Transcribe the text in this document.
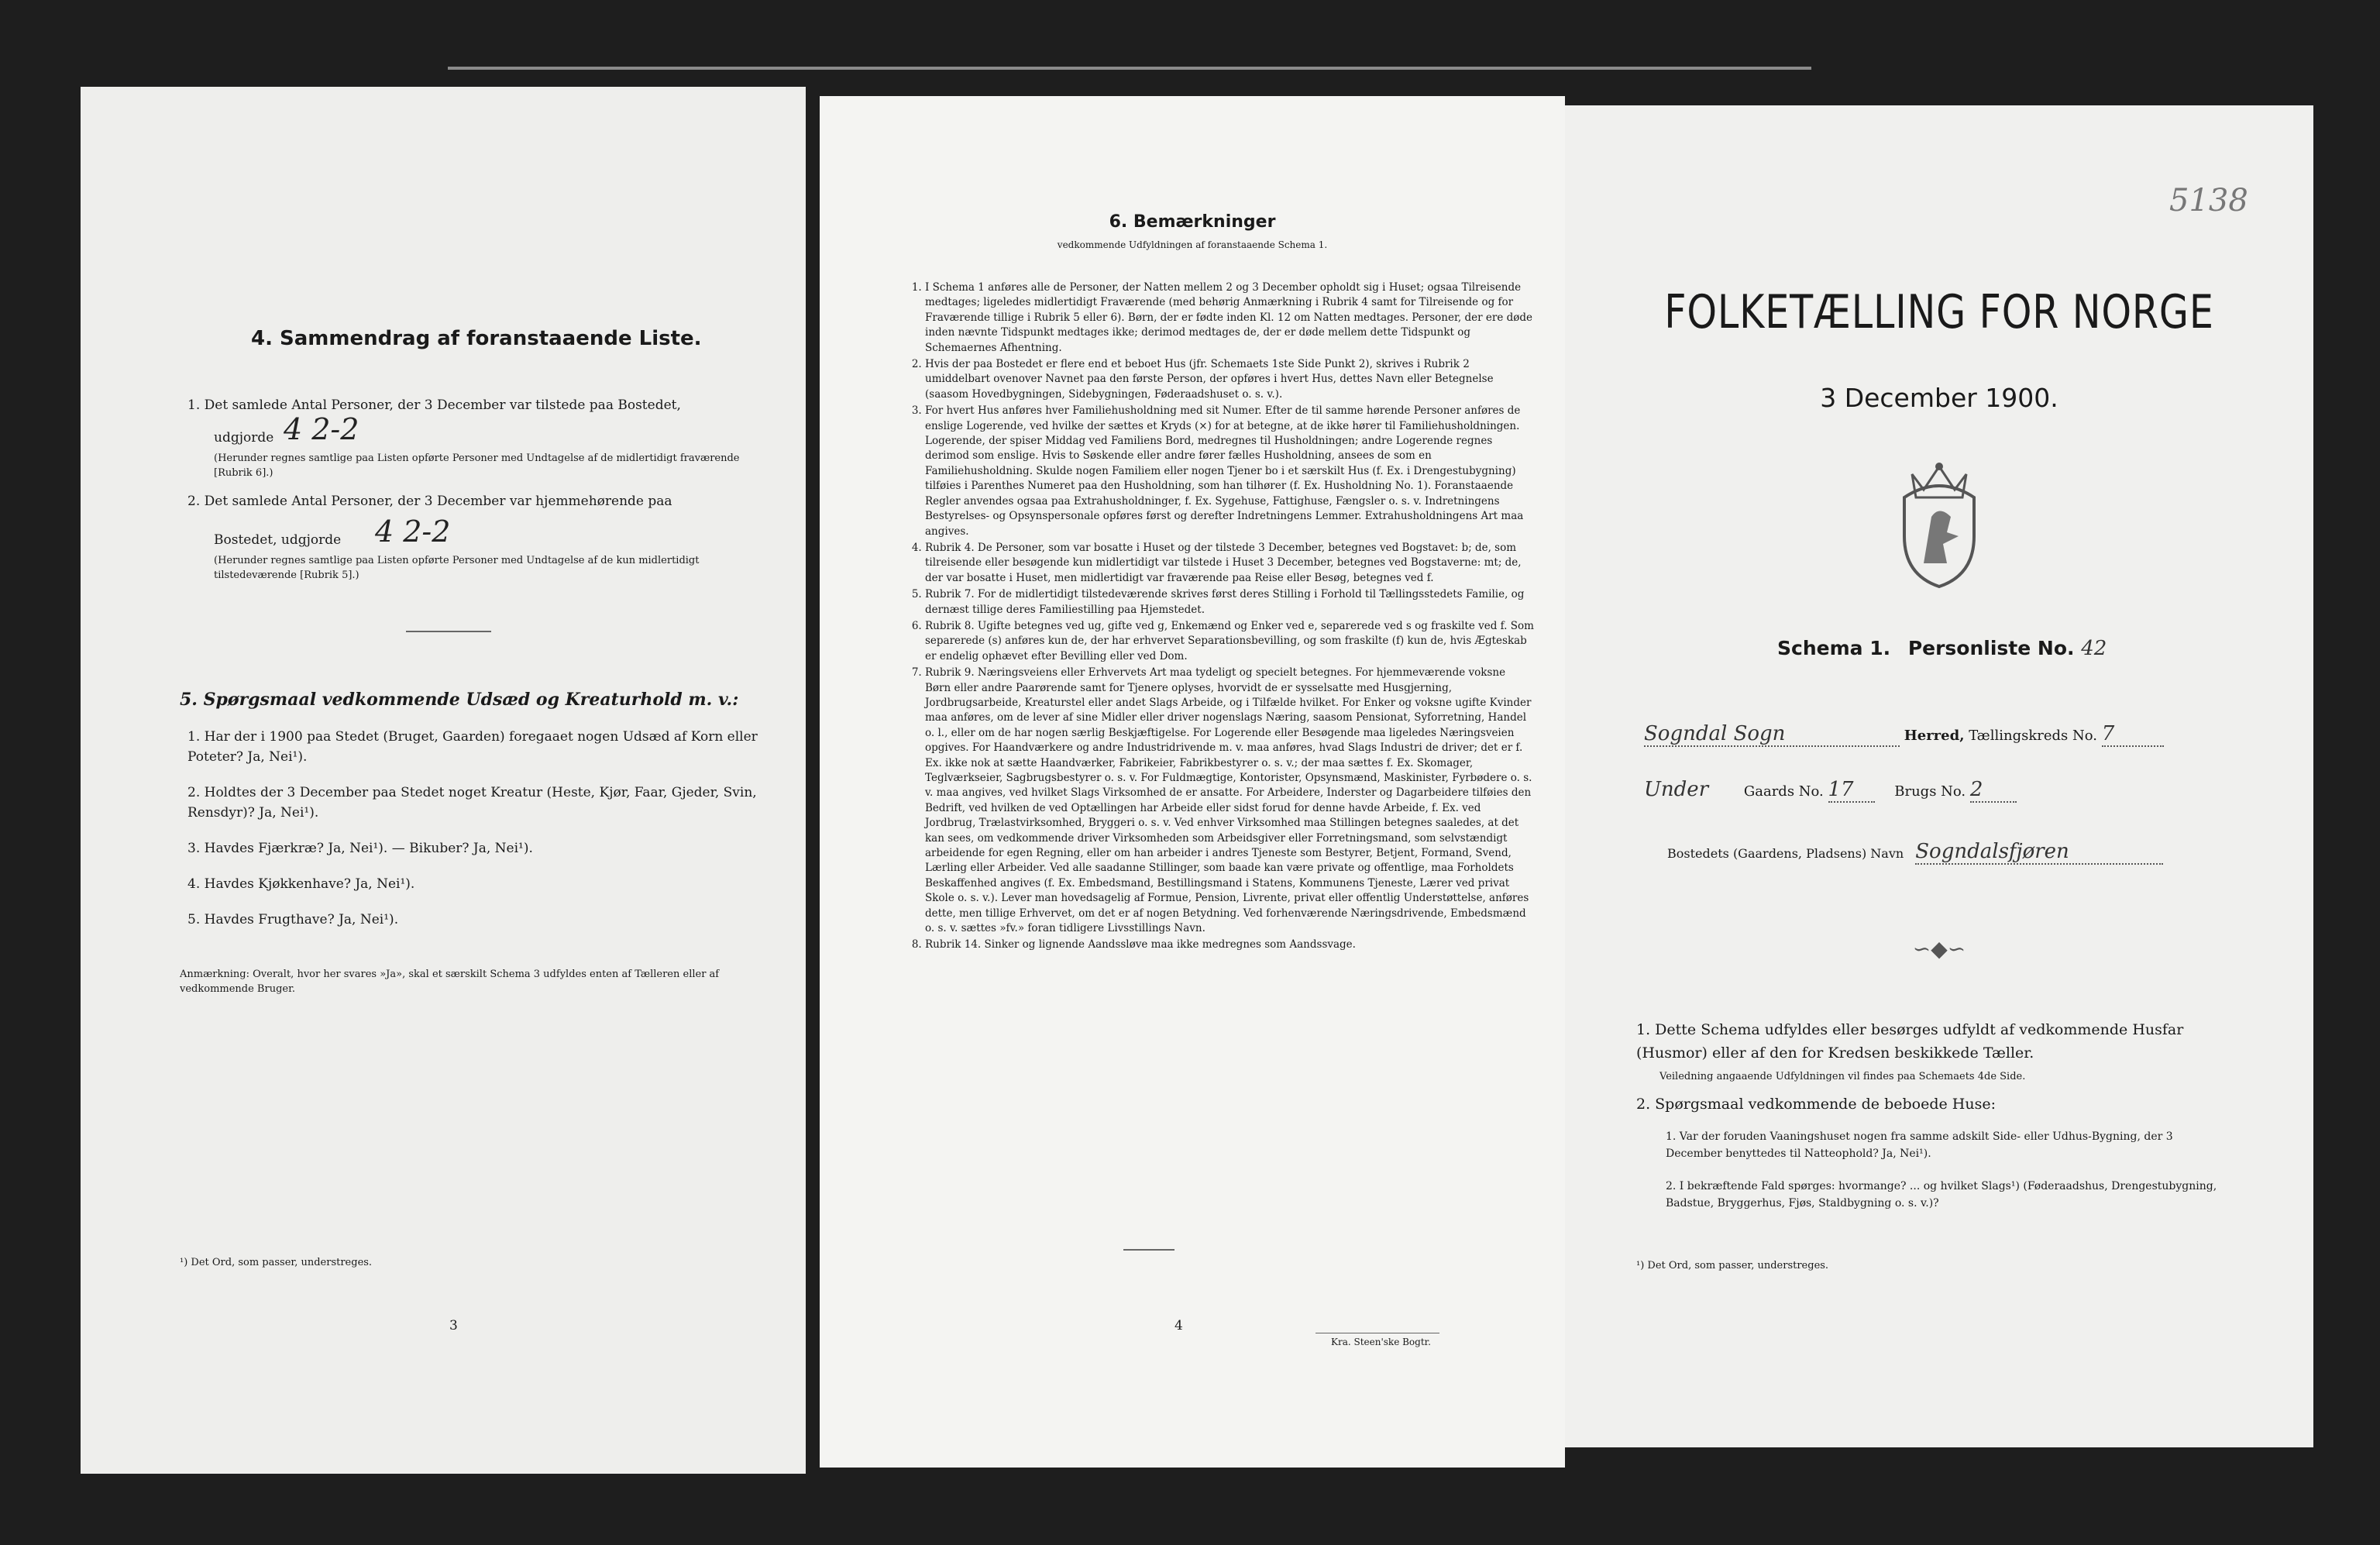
4. Sammendrag af foranstaaende Liste.
1. Det samlede Antal Personer, der 3 December var tilstede paa Bostedet,
udgjorde 4 2-2
(Herunder regnes samtlige paa Listen opførte Personer med Undtagelse af de midlertidigt fraværende [Rubrik 6].)
2. Det samlede Antal Personer, der 3 December var hjemmehørende paa
Bostedet, udgjorde 4 2-2
(Herunder regnes samtlige paa Listen opførte Personer med Undtagelse af de kun midlertidigt tilstedeværende [Rubrik 5].)
5. Spørgsmaal vedkommende Udsæd og Kreaturhold m. v.:
1. Har der i 1900 paa Stedet (Bruget, Gaarden) foregaaet nogen Udsæd af Korn eller Poteter? Ja, Nei¹).
2. Holdtes der 3 December paa Stedet noget Kreatur (Heste, Kjør, Faar, Gjeder, Svin, Rensdyr)? Ja, Nei¹).
3. Havdes Fjærkræ? Ja, Nei¹). — Bikuber? Ja, Nei¹).
4. Havdes Kjøkkenhave? Ja, Nei¹).
5. Havdes Frugthave? Ja, Nei¹).
Anmærkning: Overalt, hvor her svares »Ja», skal et særskilt Schema 3 udfyldes enten af Tælleren eller af vedkommende Bruger.
¹) Det Ord, som passer, understreges.
3
6. Bemærkninger
vedkommende Udfyldningen af foranstaaende Schema 1.
1. I Schema 1 anføres alle de Personer, der Natten mellem 2 og 3 December opholdt sig i Huset; ogsaa Tilreisende medtages; ligeledes midlertidigt Fraværende (med behørig Anmærkning i Rubrik 4 samt for Tilreisende og for Fraværende tillige i Rubrik 5 eller 6). Børn, der er fødte inden Kl. 12 om Natten medtages. Personer, der ere døde inden nævnte Tidspunkt medtages ikke; derimod medtages de, der er døde mellem dette Tidspunkt og Schemaernes Afhentning.
2. Hvis der paa Bostedet er flere end et beboet Hus (jfr. Schemaets 1ste Side Punkt 2), skrives i Rubrik 2 umiddelbart ovenover Navnet paa den første Person, der opføres i hvert Hus, dettes Navn eller Betegnelse (saasom Hovedbygningen, Sidebygningen, Føderaadshuset o. s. v.).
3. For hvert Hus anføres hver Familiehusholdning med sit Numer. Efter de til samme hørende Personer anføres de enslige Logerende, ved hvilke der sættes et Kryds (×) for at betegne, at de ikke hører til Familiehusholdningen. Logerende, der spiser Middag ved Familiens Bord, medregnes til Husholdningen; andre Logerende regnes derimod som enslige. Hvis to Søskende eller andre fører fælles Husholdning, ansees de som en Familiehusholdning. Skulde nogen Familiem eller nogen Tjener bo i et særskilt Hus (f. Ex. i Drengestubygning) tilføies i Parenthes Numeret paa den Husholdning, som han tilhører (f. Ex. Husholdning No. 1). Foranstaaende Regler anvendes ogsaa paa Extrahusholdninger, f. Ex. Sygehuse, Fattighuse, Fængsler o. s. v. Indretningens Bestyrelses- og Opsynspersonale opføres først og derefter Indretningens Lemmer. Extrahusholdningens Art maa angives.
4. Rubrik 4. De Personer, som var bosatte i Huset og der tilstede 3 December, betegnes ved Bogstavet: b; de, som tilreisende eller besøgende kun midlertidigt var tilstede i Huset 3 December, betegnes ved Bogstaverne: mt; de, der var bosatte i Huset, men midlertidigt var fraværende paa Reise eller Besøg, betegnes ved f.
5. Rubrik 7. For de midlertidigt tilstedeværende skrives først deres Stilling i Forhold til Tællingsstedets Familie, og dernæst tillige deres Familiestilling paa Hjemstedet.
6. Rubrik 8. Ugifte betegnes ved ug, gifte ved g, Enkemænd og Enker ved e, separerede ved s og fraskilte ved f. Som separerede (s) anføres kun de, der har erhvervet Separationsbevilling, og som fraskilte (f) kun de, hvis Ægteskab er endelig ophævet efter Bevilling eller ved Dom.
7. Rubrik 9. Næringsveiens eller Erhvervets Art maa tydeligt og specielt betegnes. For hjemmeværende voksne Børn eller andre Paarørende samt for Tjenere oplyses, hvorvidt de er sysselsatte med Husgjerning, Jordbrugsarbeide, Kreaturstel eller andet Slags Arbeide, og i Tilfælde hvilket. For Enker og voksne ugifte Kvinder maa anføres, om de lever af sine Midler eller driver nogenslags Næring, saasom Pensionat, Syforretning, Handel o. l., eller om de har nogen særlig Beskjæftigelse. For Logerende eller Besøgende maa ligeledes Næringsveien opgives. For Haandværkere og andre Industridrivende m. v. maa anføres, hvad Slags Industri de driver; det er f. Ex. ikke nok at sætte Haandværker, Fabrikeier, Fabrikbestyrer o. s. v.; der maa sættes f. Ex. Skomager, Teglværkseier, Sagbrugsbestyrer o. s. v. For Fuldmægtige, Kontorister, Opsynsmænd, Maskinister, Fyrbødere o. s. v. maa angives, ved hvilket Slags Virksomhed de er ansatte. For Arbeidere, Inderster og Dagarbeidere tilføies den Bedrift, ved hvilken de ved Optællingen har Arbeide eller sidst forud for denne havde Arbeide, f. Ex. ved Jordbrug, Trælastvirksomhed, Bryggeri o. s. v. Ved enhver Virksomhed maa Stillingen betegnes saaledes, at det kan sees, om vedkommende driver Virksomheden som Arbeidsgiver eller Forretningsmand, som selvstændigt arbeidende for egen Regning, eller om han arbeider i andres Tjeneste som Bestyrer, Betjent, Formand, Svend, Lærling eller Arbeider. Ved alle saadanne Stillinger, som baade kan være private og offentlige, maa Forholdets Beskaffenhed angives (f. Ex. Embedsmand, Bestillingsmand i Statens, Kommunens Tjeneste, Lærer ved privat Skole o. s. v.). Lever man hovedsagelig af Formue, Pension, Livrente, privat eller offentlig Understøttelse, anføres dette, men tillige Erhvervet, om det er af nogen Betydning. Ved forhenværende Næringsdrivende, Embedsmænd o. s. v. sættes »fv.» foran tidligere Livsstillings Navn.
8. Rubrik 14. Sinker og lignende Aandssløve maa ikke medregnes som Aandssvage.
4
Kra. Steen'ske Bogtr.
5138
FOLKETÆLLING FOR NORGE
3 December 1900.
Schema 1. Personliste No. 42
Sogndal Sogn	Herred, Tællingskreds No. 7
Under	Gaards No. 17	Brugs No. 2
Bostedets (Gaardens, Pladsens) Navn Sogndalsfjøren
∽◆∽
1. Dette Schema udfyldes eller besørges udfyldt af vedkommende Husfar (Husmor) eller af den for Kredsen beskikkede Tæller.
Veiledning angaaende Udfyldningen vil findes paa Schemaets 4de Side.
2. Spørgsmaal vedkommende de beboede Huse:
1. Var der foruden Vaaningshuset nogen fra samme adskilt Side- eller Udhus-Bygning, der 3 December benyttedes til Natteophold? Ja, Nei¹).
2. I bekræftende Fald spørges: hvormange? ... og hvilket Slags¹) (Føderaadshus, Drengestubygning, Badstue, Bryggerhus, Fjøs, Staldbygning o. s. v.)?
¹) Det Ord, som passer, understreges.
